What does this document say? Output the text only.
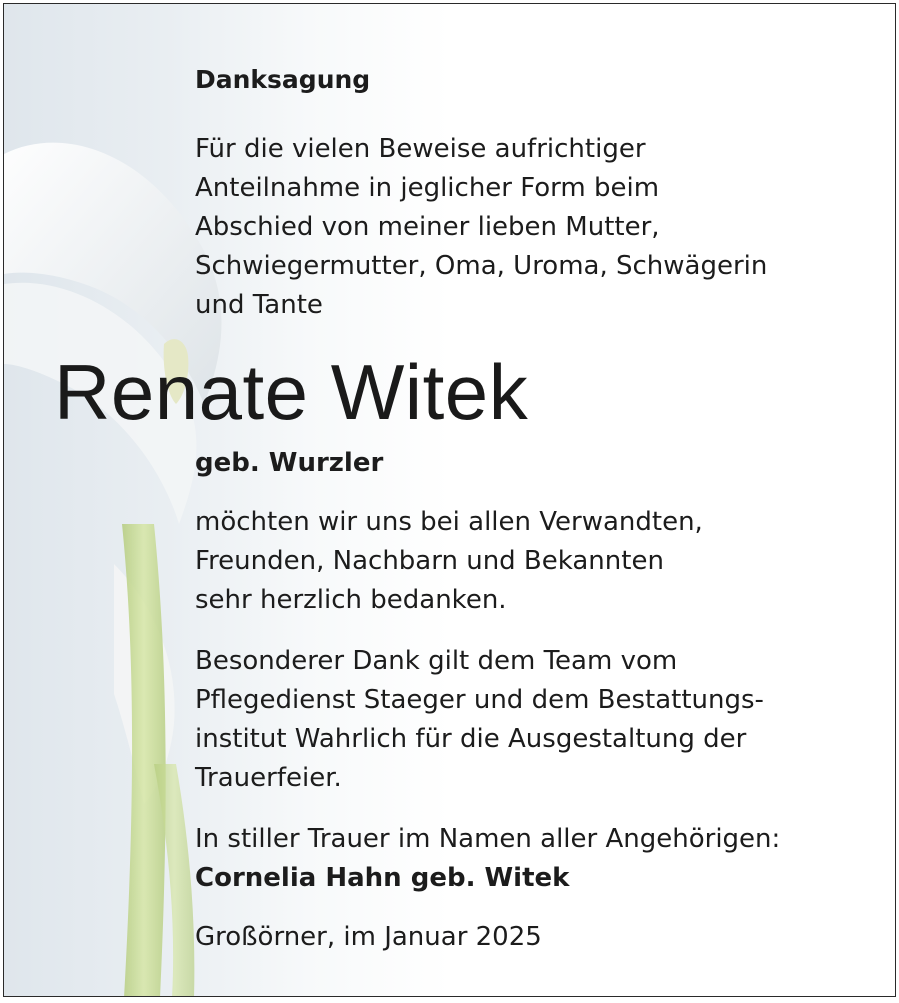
Danksagung

Für die vielen Beweise aufrichtiger
Anteilnahme in jeglicher Form beim
Abschied von meiner lieben Mutter,
Schwiegermutter, Oma, Uroma, Schwägerin
und Tante

Renate Witek

geb. Wurzler

möchten wir uns bei allen Verwandten,
Freunden, Nachbarn und Bekannten
sehr herzlich bedanken.

Besonderer Dank gilt dem Team vom
Pflegedienst Staeger und dem Bestattungs-
institut Wahrlich für die Ausgestaltung der
Trauerfeier.

In stiller Trauer im Namen aller Angehörigen:

Cornelia Hahn geb. Witek

Großörner, im Januar 2025
